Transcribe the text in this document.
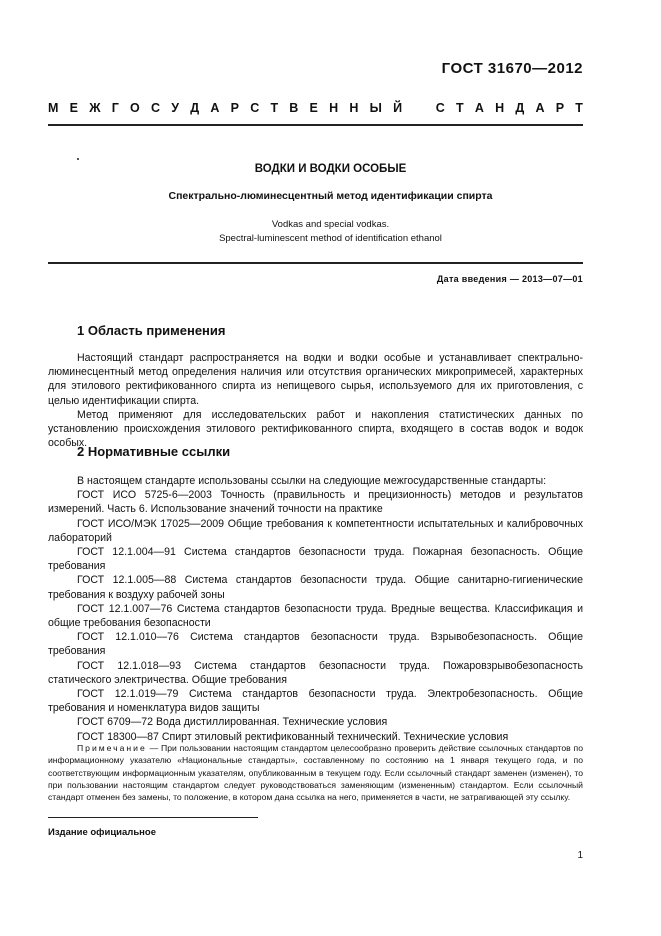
ГОСТ 31670—2012
М Е Ж Г О С У Д А Р С Т В Е Н Н Ы Й	С Т А Н Д А Р Т
ВОДКИ И ВОДКИ ОСОБЫЕ
Спектрально-люминесцентный метод идентификации спирта
Vodkas and special vodkas.
Spectral-luminescent method of identification ethanol
Дата введения — 2013—07—01
1 Область применения

Настоящий стандарт распространяется на водки и водки особые и устанавливает спектрально-люминесцентный метод определения наличия или отсутствия органических микропримесей, характерных для этилового ректификованного спирта из непищевого сырья, используемого для их приготовления, с целью идентификации спирта.

Метод применяют для исследовательских работ и накопления статистических данных по установлению происхождения этилового ректификованного спирта, входящего в состав водок и водок особых.

2 Нормативные ссылки

В настоящем стандарте использованы ссылки на следующие межгосударственные стандарты:

ГОСТ ИСО 5725-6—2003 Точность (правильность и прецизионность) методов и результатов измерений. Часть 6. Использование значений точности на практике

ГОСТ ИСО/МЭК 17025—2009 Общие требования к компетентности испытательных и калибровочных лабораторий

ГОСТ 12.1.004—91 Система стандартов безопасности труда. Пожарная безопасность. Общие требования

ГОСТ 12.1.005—88 Система стандартов безопасности труда. Общие санитарно-гигиенические требования к воздуху рабочей зоны

ГОСТ 12.1.007—76 Система стандартов безопасности труда. Вредные вещества. Классификация и общие требования безопасности

ГОСТ 12.1.010—76 Система стандартов безопасности труда. Взрывобезопасность. Общие требования

ГОСТ 12.1.018—93 Система стандартов безопасности труда. Пожаровзрывобезопасность статического электричества. Общие требования

ГОСТ 12.1.019—79 Система стандартов безопасности труда. Электробезопасность. Общие требования и номенклатура видов защиты

ГОСТ 6709—72 Вода дистиллированная. Технические условия

ГОСТ 18300—87 Спирт этиловый ректификованный технический. Технические условия

Примечание — При пользовании настоящим стандартом целесообразно проверить действие ссылочных стандартов по информационному указателю «Национальные стандарты», составленному по состоянию на 1 января текущего года, и по соответствующим информационным указателям, опубликованным в текущем году. Если ссылочный стандарт заменен (изменен), то при пользовании настоящим стандартом следует руководствоваться заменяющим (измененным) стандартом. Если ссылочный стандарт отменен без замены, то положение, в котором дана ссылка на него, применяется в части, не затрагивающей эту ссылку.

Издание официальное
1
